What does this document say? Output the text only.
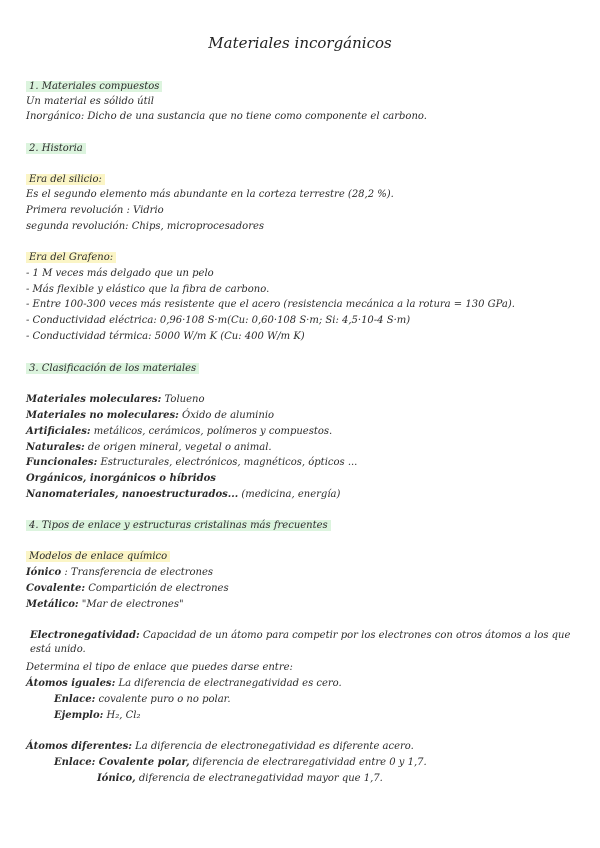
Materiales incorgánicos
1. Materiales compuestos
Un material es sólido útil
Inorgánico: Dicho de una sustancia que no tiene como componente el carbono.
2. Historia
Era del silicio:
Es el segundo elemento más abundante en la corteza terrestre (28,2 %).
Primera revolución : Vidrio
segunda revolución: Chips, microprocesadores
Era del Grafeno:
- 1 M veces más delgado que un pelo
- Más flexible y elástico que la fibra de carbono.
- Entre 100-300 veces más resistente que el acero (resistencia mecánica a la rotura = 130 GPa).
- Conductividad eléctrica: 0,96·108 S·m(Cu: 0,60·108 S·m; Si: 4,5·10-4 S·m)
- Conductividad térmica: 5000 W/m K (Cu: 400 W/m K)
3. Clasificación de los materiales
Materiales moleculares: Tolueno
Materiales no moleculares: Óxido de aluminio
Artificiales: metálicos, cerámicos, polímeros y compuestos.
Naturales: de origen mineral, vegetal o animal.
Funcionales: Estructurales, electrónicos, magnéticos, ópticos ...
Orgánicos, inorgánicos o híbridos
Nanomateriales, nanoestructurados... (medicina, energía)
4. Tipos de enlace y estructuras cristalinas más frecuentes
Modelos de enlace químico
Iónico : Transferencia de electrones
Covalente: Compartición de electrones
Metálico: "Mar de electrones"
Electronegatividad: Capacidad de un átomo para competir por los electrones con otros átomos a los que está unido.
Determina el tipo de enlace que puedes darse entre:
Átomos iguales: La diferencia de electranegatividad es cero.
Enlace: covalente puro o no polar.
Ejemplo: H₂, Cl₂
Átomos diferentes: La diferencia de electronegatividad es diferente acero.
Enlace: Covalente polar, diferencia de electraregatividad entre 0 y 1,7.
Iónico, diferencia de electranegatividad mayor que 1,7.
